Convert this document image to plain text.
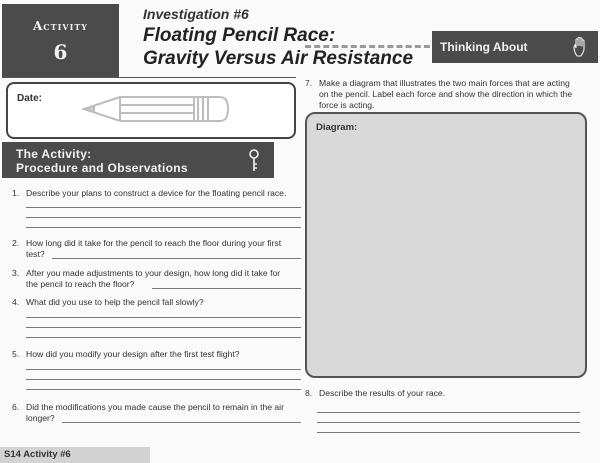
Activity
6
Investigation #6
Floating Pencil Race:
Gravity Versus Air Resistance
Thinking About
Date:
The Activity:
Procedure and Observations
1. Describe your plans to construct a device for the floating pencil race.
2. How long did it take for the pencil to reach the floor during your first
test?
3. After you made adjustments to your design, how long did it take for
the pencil to reach the floor?
4. What did you use to help the pencil fall slowly?
5. How did you modify your design after the first test flight?
6. Did the modifications you made cause the pencil to remain in the air
longer?
7. Make a diagram that illustrates the two main forces that are acting
on the pencil. Label each force and show the direction in which the
force is acting.
Diagram:
8. Describe the results of your race.
S14 Activity #6
